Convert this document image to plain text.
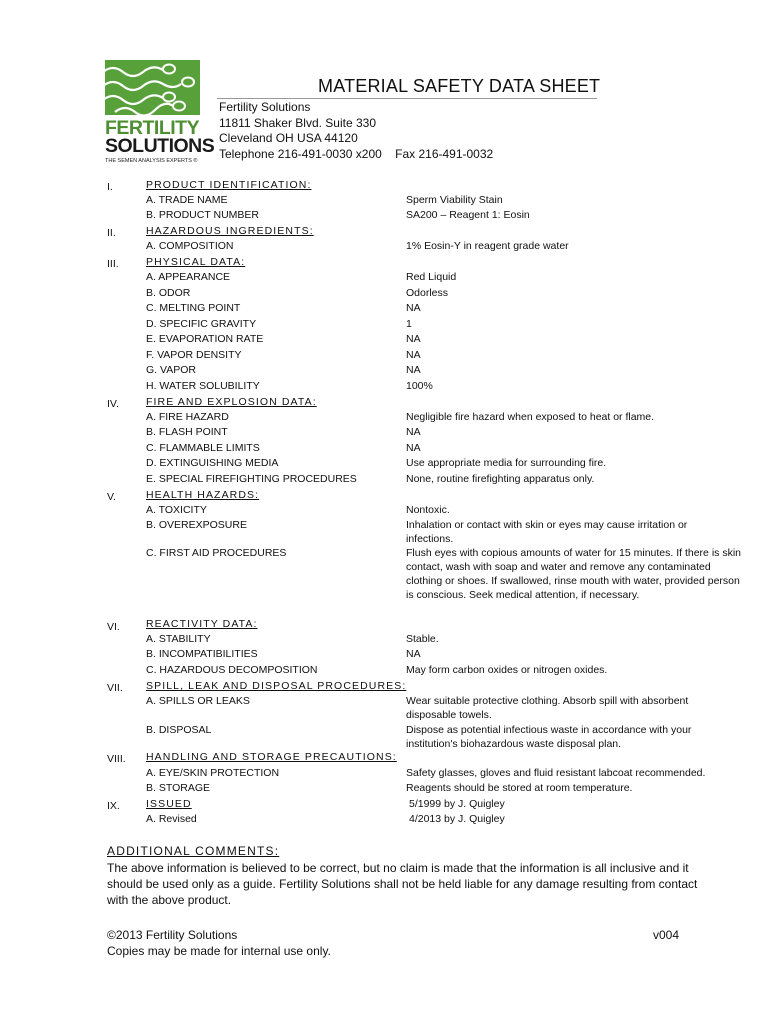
FERTILITY
SOLUTIONS
THE SEMEN ANALYSIS EXPERTS ®
MATERIAL SAFETY DATA SHEET
Fertility Solutions
11811 Shaker Blvd. Suite 330
Cleveland OH USA 44120
Telephone 216-491-0030 x200    Fax 216-491-0032
I.	PRODUCT IDENTIFICATION:
A. TRADE NAME	Sperm Viability Stain
B. PRODUCT NUMBER	SA200 – Reagent 1: Eosin
II.	HAZARDOUS INGREDIENTS:
A. COMPOSITION	1% Eosin-Y in reagent grade water
III.	PHYSICAL DATA:
A. APPEARANCE	Red Liquid
B. ODOR	Odorless
C. MELTING POINT	NA
D. SPECIFIC GRAVITY	1
E. EVAPORATION RATE	NA
F. VAPOR DENSITY	NA
G. VAPOR	NA
H. WATER SOLUBILITY	100%
IV.	FIRE AND EXPLOSION DATA:
A. FIRE HAZARD	Negligible fire hazard when exposed to heat or flame.
B. FLASH POINT	NA
C. FLAMMABLE LIMITS	NA
D. EXTINGUISHING MEDIA	Use appropriate media for surrounding fire.
E. SPECIAL FIREFIGHTING PROCEDURES	None, routine firefighting apparatus only.
V.	HEALTH HAZARDS:
A. TOXICITY	Nontoxic.
B. OVEREXPOSURE	Inhalation or contact with skin or eyes may cause irritation or infections.
C. FIRST AID PROCEDURES	Flush eyes with copious amounts of water for 15 minutes. If there is skin contact, wash with soap and water and remove any contaminated clothing or shoes. If swallowed, rinse mouth with water, provided person is conscious. Seek medical attention, if necessary.
VI. REACTIVITY DATA:
A. STABILITY	Stable.
B. INCOMPATIBILITIES	NA
C. HAZARDOUS DECOMPOSITION	May form carbon oxides or nitrogen oxides.
VII. SPILL, LEAK AND DISPOSAL PROCEDURES:
A. SPILLS OR LEAKS	Wear suitable protective clothing. Absorb spill with absorbent disposable towels.
B. DISPOSAL	Dispose as potential infectious waste in accordance with your institution's biohazardous waste disposal plan.
VIII. HANDLING AND STORAGE PRECAUTIONS:
A. EYE/SKIN PROTECTION	Safety glasses, gloves and fluid resistant labcoat recommended.
B. STORAGE	Reagents should be stored at room temperature.
IX. ISSUED	5/1999 by J. Quigley
A. Revised	4/2013 by J. Quigley
ADDITIONAL COMMENTS:
The above information is believed to be correct, but no claim is made that the information is all inclusive and it should be used only as a guide. Fertility Solutions shall not be held liable for any damage resulting from contact with the above product.
©2013 Fertility Solutions
Copies may be made for internal use only.
v004
